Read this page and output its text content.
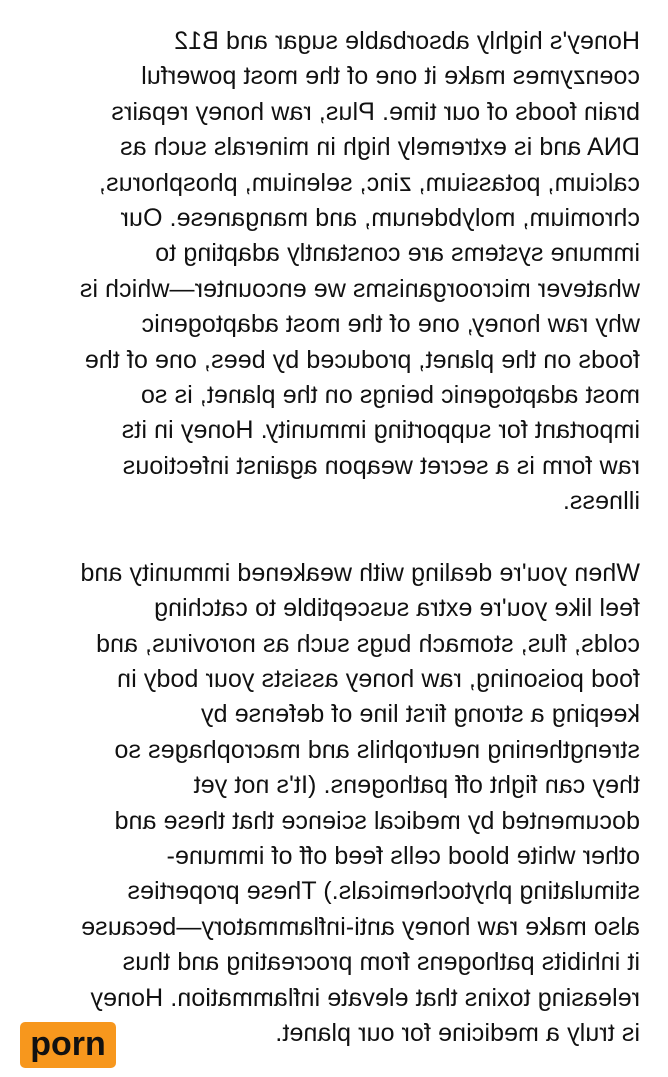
Honey's highly absorbable sugar and B12
coenzymes make it one of the most powerful
brain foods of our time. Plus, raw honey repairs
DNA and is extremely high in minerals such as
calcium, potassium, zinc, selenium, phosphorus,
chromium, molybdenum, and manganese. Our
immune systems are constantly adapting to
whatever microorganisms we encounter—which is
why raw honey, one of the most adaptogenic
foods on the planet, produced by bees, one of the
most adaptogenic beings on the planet, is so
important for supporting immunity. Honey in its
raw form is a secret weapon against infectious
illness.
When you're dealing with weakened immunity and
feel like you're extra susceptible to catching
colds, flus, stomach bugs such as norovirus, and
food poisoning, raw honey assists your body in
keeping a strong first line of defense by
strengthening neutrophils and macrophages so
they can fight off pathogens. (It's not yet
documented by medical science that these and
other white blood cells feed off of immune-
stimulating phytochemicals.) These properties
also make raw honey anti-inflammatory—because
it inhibits pathogens from procreating and thus
releasing toxins that elevate inflammation. Honey
is truly a medicine for our planet.
porn
